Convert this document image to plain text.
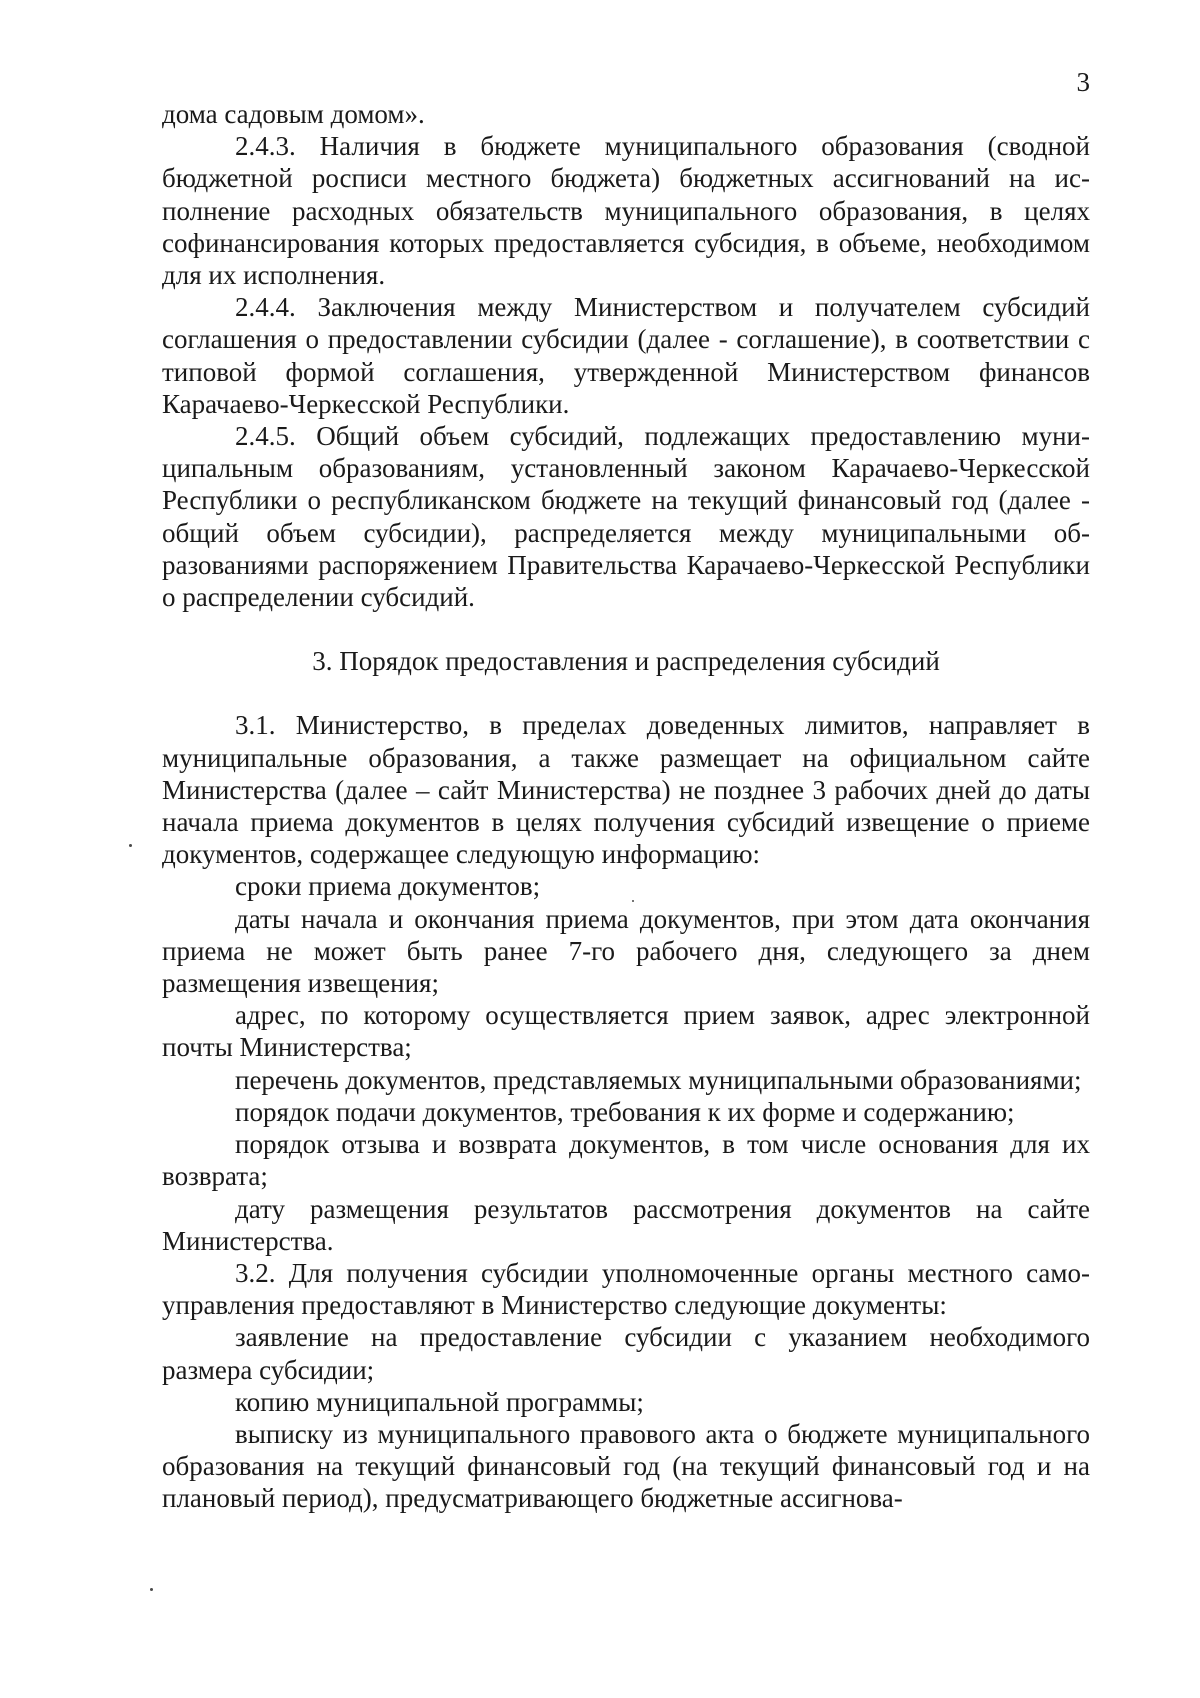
3

дома садовым домом».

2.4.3. Наличия в бюджете муниципального образования (сводной бюджетной росписи местного бюджета) бюджетных ассигнований на исполнение расходных обязательств муниципального образования, в целях софинансирования которых предоставляется субсидия, в объеме, необходимом для их исполнения.

2.4.4. Заключения между Министерством и получателем субсидий соглашения о предоставлении субсидии (далее - соглашение), в соответствии с типовой формой соглашения, утвержденной Министерством финансов Карачаево-Черкесской Республики.

2.4.5. Общий объем субсидий, подлежащих предоставлению муниципальным образованиям, установленный законом Карачаево-Черкесской Республики о республиканском бюджете на текущий финансовый год (далее - общий объем субсидии), распределяется между муниципальными образованиями распоряжением Правительства Карачаево-Черкесской Республики о распределении субсидий.

3. Порядок предоставления и распределения субсидий

3.1. Министерство, в пределах доведенных лимитов, направляет в муниципальные образования, а также размещает на официальном сайте Министерства (далее – сайт Министерства) не позднее 3 рабочих дней до даты начала приема документов в целях получения субсидий извещение о приеме документов, содержащее следующую информацию:

сроки приема документов;

даты начала и окончания приема документов, при этом дата окончания приема не может быть ранее 7-го рабочего дня, следующего за днем размещения извещения;

адрес, по которому осуществляется прием заявок, адрес электронной почты Министерства;

перечень документов, представляемых муниципальными образованиями;

порядок подачи документов, требования к их форме и содержанию;

порядок отзыва и возврата документов, в том числе основания для их возврата;

дату размещения результатов рассмотрения документов на сайте Министерства.

3.2. Для получения субсидии уполномоченные органы местного самоуправления предоставляют в Министерство следующие документы:

заявление на предоставление субсидии с указанием необходимого размера субсидии;

копию муниципальной программы;

выписку из муниципального правового акта о бюджете муниципального образования на текущий финансовый год (на текущий финансовый год и на плановый период), предусматривающего бюджетные ассигнова-
